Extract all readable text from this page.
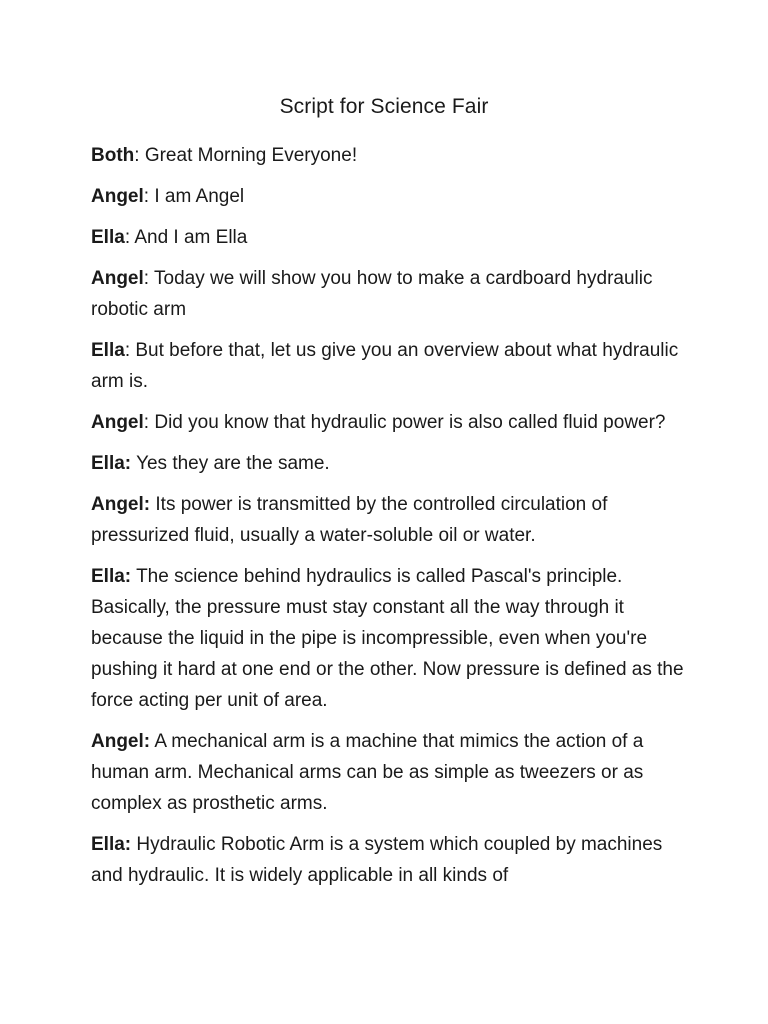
Script for Science Fair

Both: Great Morning Everyone!

Angel: I am Angel

Ella: And I am Ella

Angel: Today we will show you how to make a cardboard hydraulic robotic arm

Ella: But before that, let us give you an overview about what hydraulic arm is.

Angel: Did you know that hydraulic power is also called fluid power?

Ella: Yes they are the same.

Angel: Its power is transmitted by the controlled circulation of pressurized fluid, usually a water-soluble oil or water.

Ella: The science behind hydraulics is called Pascal's principle. Basically, the pressure must stay constant all the way through it because the liquid in the pipe is incompressible, even when you're pushing it hard at one end or the other. Now pressure is defined as the force acting per unit of area.

Angel: A mechanical arm is a machine that mimics the action of a human arm. Mechanical arms can be as simple as tweezers or as complex as prosthetic arms.

Ella: Hydraulic Robotic Arm is a system which coupled by machines and hydraulic. It is widely applicable in all kinds of
